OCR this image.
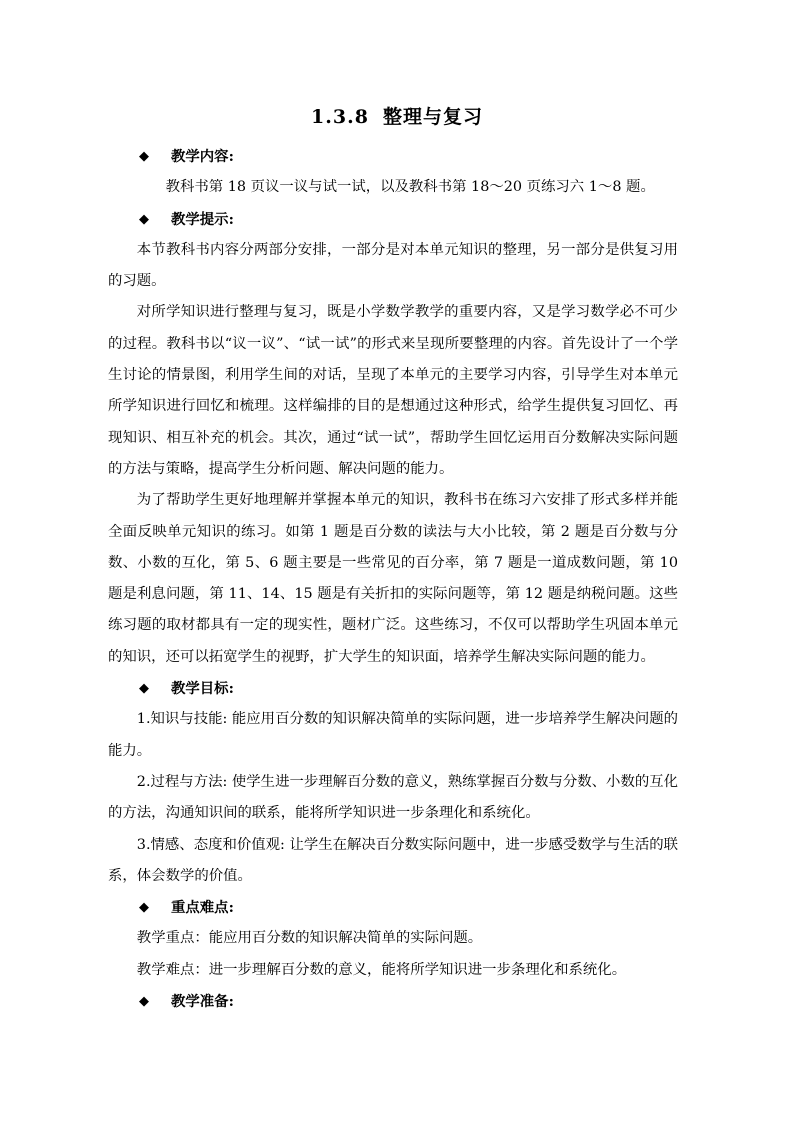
1.3.8 整理与复习
◆ 教学内容:

教科书第 18 页议一议与试一试，以及教科书第 18～20 页练习六 1～8 题。

◆ 教学提示:

本节教科书内容分两部分安排，一部分是对本单元知识的整理，另一部分是供复习用的习题。

对所学知识进行整理与复习，既是小学数学教学的重要内容，又是学习数学必不可少的过程。教科书以“议一议”、“试一试”的形式来呈现所要整理的内容。首先设计了一个学生讨论的情景图，利用学生间的对话，呈现了本单元的主要学习内容，引导学生对本单元所学知识进行回忆和梳理。这样编排的目的是想通过这种形式，给学生提供复习回忆、再现知识、相互补充的机会。其次，通过“试一试”，帮助学生回忆运用百分数解决实际问题的方法与策略，提高学生分析问题、解决问题的能力。

为了帮助学生更好地理解并掌握本单元的知识，教科书在练习六安排了形式多样并能全面反映单元知识的练习。如第 1 题是百分数的读法与大小比较，第 2 题是百分数与分数、小数的互化，第 5、6 题主要是一些常见的百分率，第 7 题是一道成数问题，第 10 题是利息问题，第 11、14、15 题是有关折扣的实际问题等，第 12 题是纳税问题。这些练习题的取材都具有一定的现实性，题材广泛。这些练习，不仅可以帮助学生巩固本单元的知识，还可以拓宽学生的视野，扩大学生的知识面，培养学生解决实际问题的能力。

◆ 教学目标:

1.知识与技能: 能应用百分数的知识解决简单的实际问题，进一步培养学生解决问题的能力。

2.过程与方法: 使学生进一步理解百分数的意义，熟练掌握百分数与分数、小数的互化的方法，沟通知识间的联系，能将所学知识进一步条理化和系统化。

3.情感、态度和价值观: 让学生在解决百分数实际问题中，进一步感受数学与生活的联系，体会数学的价值。

◆ 重点难点:

教学重点：能应用百分数的知识解决简单的实际问题。

教学难点：进一步理解百分数的意义，能将所学知识进一步条理化和系统化。

◆ 教学准备:
